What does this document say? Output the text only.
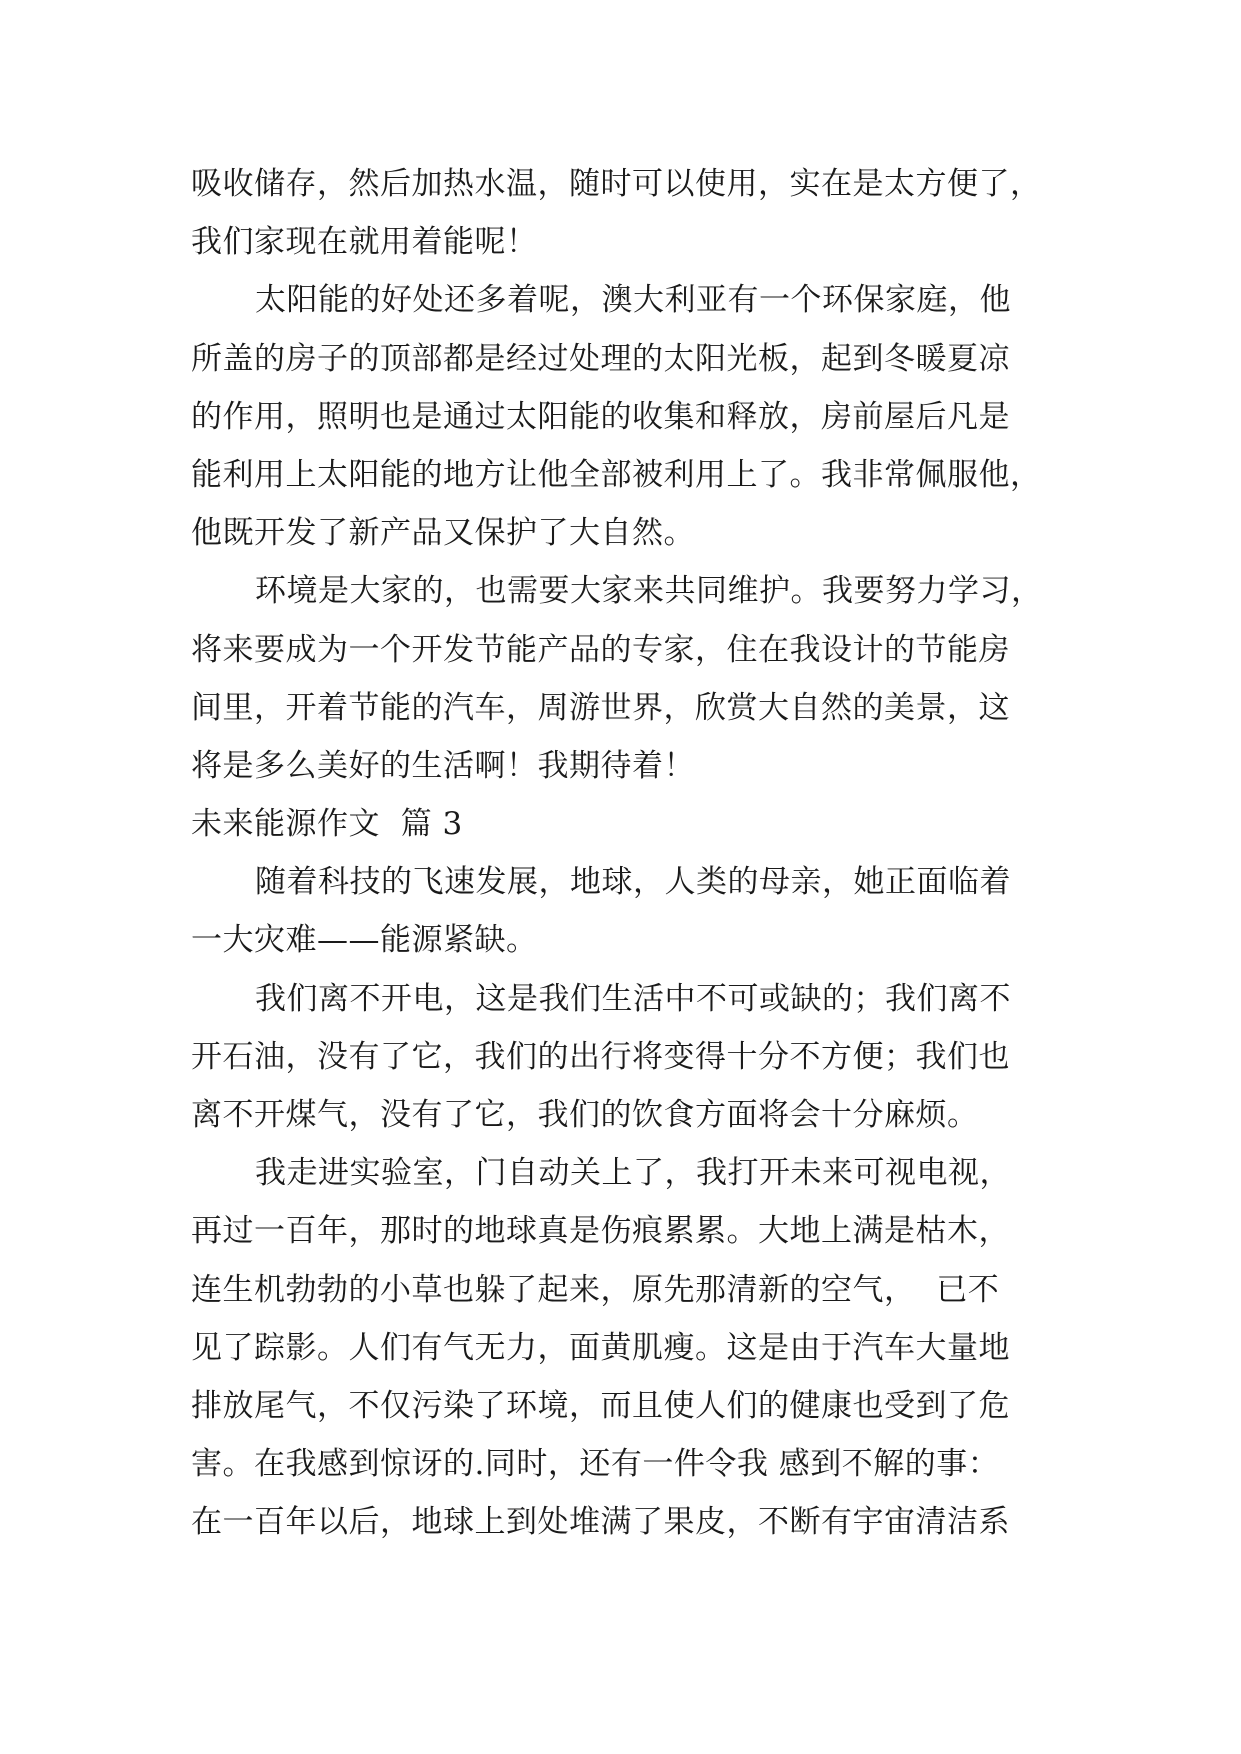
吸收储存，然后加热水温，随时可以使用，实在是太方便了，
我们家现在就用着能呢！
太阳能的好处还多着呢，澳大利亚有一个环保家庭，他
所盖的房子的顶部都是经过处理的太阳光板，起到冬暖夏凉
的作用，照明也是通过太阳能的收集和释放，房前屋后凡是
能利用上太阳能的地方让他全部被利用上了。我非常佩服他，
他既开发了新产品又保护了大自然。
环境是大家的，也需要大家来共同维护。我要努力学习，
将来要成为一个开发节能产品的专家，住在我设计的节能房
间里，开着节能的汽车，周游世界，欣赏大自然的美景，这
将是多么美好的生活啊！我期待着！
未来能源作文  篇 3
随着科技的飞速发展，地球，人类的母亲，她正面临着
一大灾难——能源紧缺。
我们离不开电，这是我们生活中不可或缺的；我们离不
开石油，没有了它，我们的出行将变得十分不方便；我们也
离不开煤气，没有了它，我们的饮食方面将会十分麻烦。
我走进实验室，门自动关上了，我打开未来可视电视，
再过一百年，那时的地球真是伤痕累累。大地上满是枯木，
连生机勃勃的小草也躲了起来，原先那清新的空气，  已不
见了踪影。人们有气无力，面黄肌瘦。这是由于汽车大量地
排放尾气，不仅污染了环境，而且使人们的健康也受到了危
害。在我感到惊讶的.同时，还有一件令我 感到不解的事：
在一百年以后，地球上到处堆满了果皮，不断有宇宙清洁系
